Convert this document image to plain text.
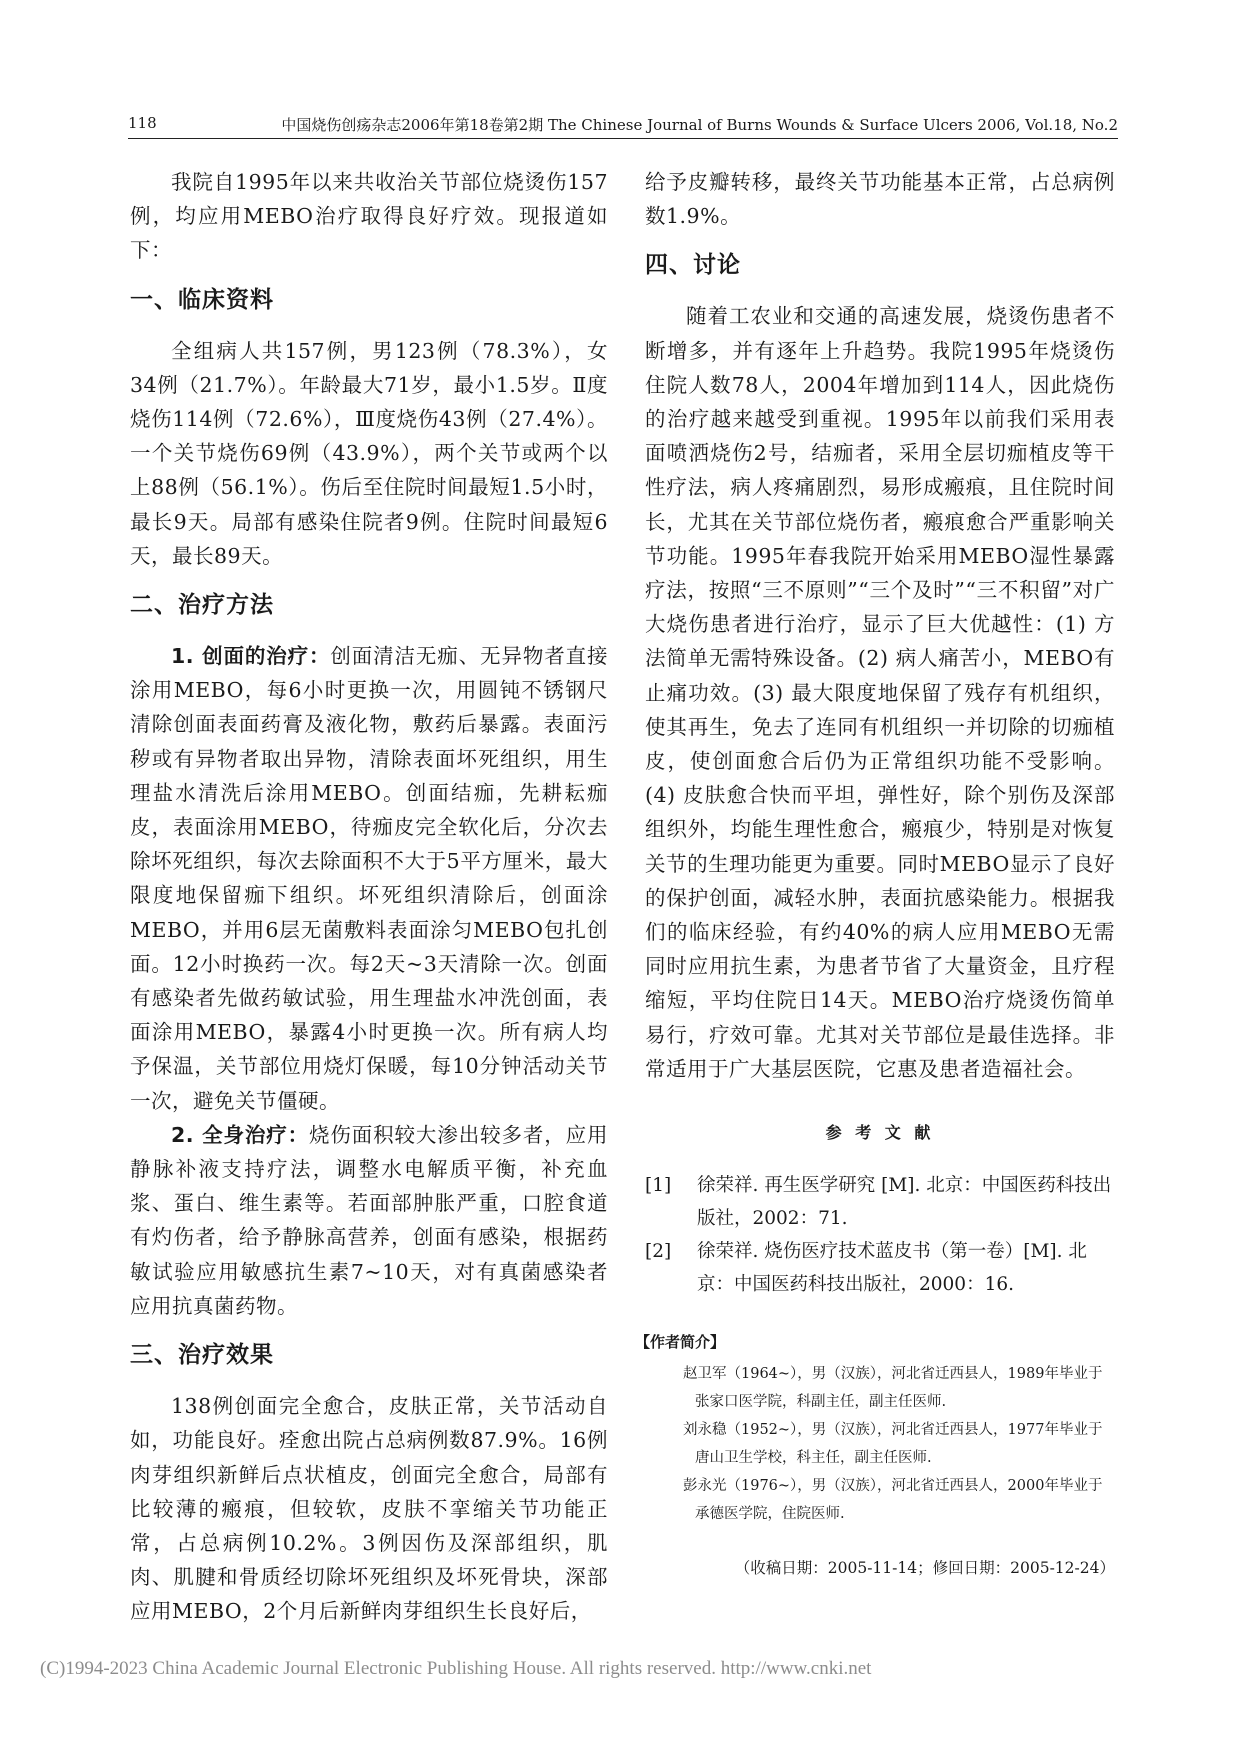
118	中国烧伤创疡杂志2006年第18卷第2期 The Chinese Journal of Burns Wounds & Surface Ulcers 2006, Vol.18, No.2

我院自1995年以来共收治关节部位烧烫伤157例，均应用MEBO治疗取得良好疗效。现报道如下：

一、临床资料

全组病人共157例，男123例（78.3%），女34例（21.7%）。年龄最大71岁，最小1.5岁。Ⅱ度烧伤114例（72.6%），Ⅲ度烧伤43例（27.4%）。一个关节烧伤69例（43.9%），两个关节或两个以上88例（56.1%）。伤后至住院时间最短1.5小时，最长9天。局部有感染住院者9例。住院时间最短6天，最长89天。

二、治疗方法

1. 创面的治疗：创面清洁无痂、无异物者直接涂用MEBO，每6小时更换一次，用圆钝不锈钢尺清除创面表面药膏及液化物，敷药后暴露。表面污秽或有异物者取出异物，清除表面坏死组织，用生理盐水清洗后涂用MEBO。创面结痂，先耕耘痂皮，表面涂用MEBO，待痂皮完全软化后，分次去除坏死组织，每次去除面积不大于5平方厘米，最大限度地保留痂下组织。坏死组织清除后，创面涂MEBO，并用6层无菌敷料表面涂匀MEBO包扎创面。12小时换药一次。每2天~3天清除一次。创面有感染者先做药敏试验，用生理盐水冲洗创面，表面涂用MEBO，暴露4小时更换一次。所有病人均予保温，关节部位用烧灯保暖，每10分钟活动关节一次，避免关节僵硬。

2. 全身治疗：烧伤面积较大渗出较多者，应用静脉补液支持疗法，调整水电解质平衡，补充血浆、蛋白、维生素等。若面部肿胀严重，口腔食道有灼伤者，给予静脉高营养，创面有感染，根据药敏试验应用敏感抗生素7~10天，对有真菌感染者应用抗真菌药物。

三、治疗效果

138例创面完全愈合，皮肤正常，关节活动自如，功能良好。痊愈出院占总病例数87.9%。16例肉芽组织新鲜后点状植皮，创面完全愈合，局部有比较薄的瘢痕，但较软，皮肤不挛缩关节功能正常，占总病例10.2%。3例因伤及深部组织，肌肉、肌腱和骨质经切除坏死组织及坏死骨块，深部应用MEBO，2个月后新鲜肉芽组织生长良好后，

给予皮瓣转移，最终关节功能基本正常，占总病例数1.9%。

四、讨论

随着工农业和交通的高速发展，烧烫伤患者不断增多，并有逐年上升趋势。我院1995年烧烫伤住院人数78人，2004年增加到114人，因此烧伤的治疗越来越受到重视。1995年以前我们采用表面喷洒烧伤2号，结痂者，采用全层切痂植皮等干性疗法，病人疼痛剧烈，易形成瘢痕，且住院时间长，尤其在关节部位烧伤者，瘢痕愈合严重影响关节功能。1995年春我院开始采用MEBO湿性暴露疗法，按照“三不原则”“三个及时”“三不积留”对广大烧伤患者进行治疗，显示了巨大优越性：(1) 方法简单无需特殊设备。(2) 病人痛苦小，MEBO有止痛功效。(3) 最大限度地保留了残存有机组织，使其再生，免去了连同有机组织一并切除的切痂植皮，使创面愈合后仍为正常组织功能不受影响。(4) 皮肤愈合快而平坦，弹性好，除个别伤及深部组织外，均能生理性愈合，瘢痕少，特别是对恢复关节的生理功能更为重要。同时MEBO显示了良好的保护创面，减轻水肿，表面抗感染能力。根据我们的临床经验，有约40%的病人应用MEBO无需同时应用抗生素，为患者节省了大量资金，且疗程缩短，平均住院日14天。MEBO治疗烧烫伤简单易行，疗效可靠。尤其对关节部位是最佳选择。非常适用于广大基层医院，它惠及患者造福社会。

参 考 文 献
[1] 徐荣祥. 再生医学研究 [M]. 北京：中国医药科技出版社，2002：71.
[2] 徐荣祥. 烧伤医疗技术蓝皮书（第一卷）[M]. 北京：中国医药科技出版社，2000：16.
【作者简介】
赵卫军（1964~），男（汉族），河北省迁西县人，1989年毕业于张家口医学院，科副主任，副主任医师.
刘永稳（1952~），男（汉族），河北省迁西县人，1977年毕业于唐山卫生学校，科主任，副主任医师.
彭永光（1976~），男（汉族），河北省迁西县人，2000年毕业于承德医学院，住院医师.
（收稿日期：2005-11-14；修回日期：2005-12-24）
(C)1994-2023 China Academic Journal Electronic Publishing House. All rights reserved. http://www.cnki.net
